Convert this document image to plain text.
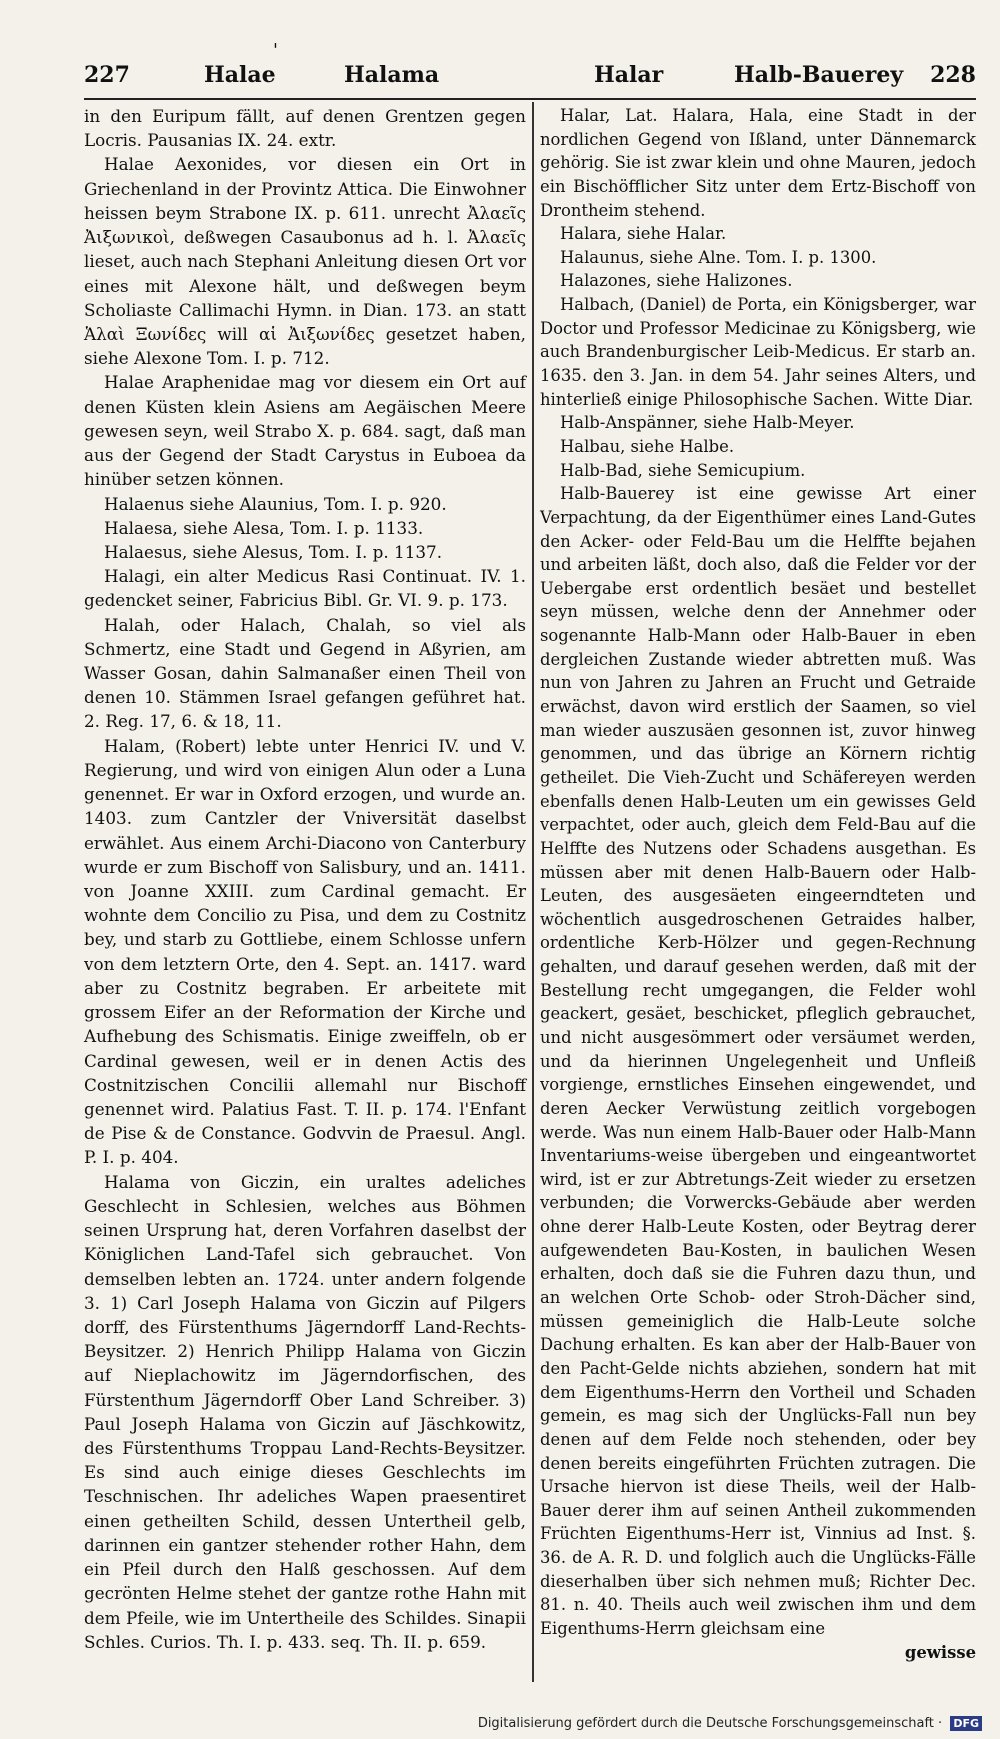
'
227	Halae	Halama	Halar	Halb-Bauerey 228

in den Euripum fällt, auf denen Grentzen gegen Locris. Pausanias IX. 24. extr.

Halae Aexonides, vor diesen ein Ort in Griechenland in der Provintz Attica. Die Einwohner heissen beym Strabone IX. p. 611. unrecht Ἀλαεῖς Ἀιξωνικοὶ, deßwegen Casaubonus ad h. l. Ἀλαεῖς lieset, auch nach Stephani Anleitung diesen Ort vor eines mit Alexone hält, und deßwegen beym Scholiaste Callimachi Hymn. in Dian. 173. an statt Ἁλαὶ Ξωνίδες will αἱ Ἀιξωνίδες gesetzet haben, siehe Alexone Tom. I. p. 712.

Halae Araphenidae mag vor diesem ein Ort auf denen Küsten klein Asiens am Aegäischen Meere gewesen seyn, weil Strabo X. p. 684. sagt, daß man aus der Gegend der Stadt Carystus in Euboea da hinüber setzen können.

Halaenus siehe Alaunius, Tom. I. p. 920.

Halaesa, siehe Alesa, Tom. I. p. 1133.

Halaesus, siehe Alesus, Tom. I. p. 1137.

Halagi, ein alter Medicus Rasi Continuat. IV. 1. gedencket seiner, Fabricius Bibl. Gr. VI. 9. p. 173.

Halah, oder Halach, Chalah, so viel als Schmertz, eine Stadt und Gegend in Aßyrien, am Wasser Gosan, dahin Salmanaßer einen Theil von denen 10. Stämmen Israel gefangen geführet hat. 2. Reg. 17, 6. & 18, 11.

Halam, (Robert) lebte unter Henrici IV. und V. Regierung, und wird von einigen Alun oder a Luna genennet. Er war in Oxford erzogen, und wurde an. 1403. zum Cantzler der Vniversität daselbst erwählet. Aus einem Archi-Diacono von Canterbury wurde er zum Bischoff von Salisbury, und an. 1411. von Joanne XXIII. zum Cardinal gemacht. Er wohnte dem Concilio zu Pisa, und dem zu Costnitz bey, und starb zu Gottliebe, einem Schlosse unfern von dem letztern Orte, den 4. Sept. an. 1417. ward aber zu Costnitz begraben. Er arbeitete mit grossem Eifer an der Reformation der Kirche und Aufhebung des Schismatis. Einige zweiffeln, ob er Cardinal gewesen, weil er in denen Actis des Costnitzischen Concilii allemahl nur Bischoff genennet wird. Palatius Fast. T. II. p. 174. l'Enfant de Pise & de Constance. Godvvin de Praesul. Angl. P. I. p. 404.

Halama von Giczin, ein uraltes adeliches Geschlecht in Schlesien, welches aus Böhmen seinen Ursprung hat, deren Vorfahren daselbst der Königlichen Land-Tafel sich gebrauchet. Von demselben lebten an. 1724. unter andern folgende 3. 1) Carl Joseph Halama von Giczin auf Pilgers dorff, des Fürstenthums Jägerndorff Land-Rechts-Beysitzer. 2) Henrich Philipp Halama von Giczin auf Nieplachowitz im Jägerndorfischen, des Fürstenthum Jägerndorff Ober Land Schreiber. 3) Paul Joseph Halama von Giczin auf Jäschkowitz, des Fürstenthums Troppau Land-Rechts-Beysitzer. Es sind auch einige dieses Geschlechts im Teschnischen. Ihr adeliches Wapen praesentiret einen getheilten Schild, dessen Untertheil gelb, darinnen ein gantzer stehender rother Hahn, dem ein Pfeil durch den Halß geschossen. Auf dem gecrönten Helme stehet der gantze rothe Hahn mit dem Pfeile, wie im Untertheile des Schildes. Sinapii Schles. Curios. Th. I. p. 433. seq. Th. II. p. 659.

Halar, Lat. Halara, Hala, eine Stadt in der nordlichen Gegend von Ißland, unter Dännemarck gehörig. Sie ist zwar klein und ohne Mauren, jedoch ein Bischöfflicher Sitz unter dem Ertz-Bischoff von Drontheim stehend.

Halara, siehe Halar.

Halaunus, siehe Alne. Tom. I. p. 1300.

Halazones, siehe Halizones.

Halbach, (Daniel) de Porta, ein Königsberger, war Doctor und Professor Medicinae zu Königsberg, wie auch Brandenburgischer Leib-Medicus. Er starb an. 1635. den 3. Jan. in dem 54. Jahr seines Alters, und hinterließ einige Philosophische Sachen. Witte Diar.

Halb-Anspänner, siehe Halb-Meyer.

Halbau, siehe Halbe.

Halb-Bad, siehe Semicupium.

Halb-Bauerey ist eine gewisse Art einer Verpachtung, da der Eigenthümer eines Land-Gutes den Acker- oder Feld-Bau um die Helffte bejahen und arbeiten läßt, doch also, daß die Felder vor der Uebergabe erst ordentlich besäet und bestellet seyn müssen, welche denn der Annehmer oder sogenannte Halb-Mann oder Halb-Bauer in eben dergleichen Zustande wieder abtretten muß. Was nun von Jahren zu Jahren an Frucht und Getraide erwächst, davon wird erstlich der Saamen, so viel man wieder auszusäen gesonnen ist, zuvor hinweg genommen, und das übrige an Körnern richtig getheilet. Die Vieh-Zucht und Schäfereyen werden ebenfalls denen Halb-Leuten um ein gewisses Geld verpachtet, oder auch, gleich dem Feld-Bau auf die Helffte des Nutzens oder Schadens ausgethan. Es müssen aber mit denen Halb-Bauern oder Halb-Leuten, des ausgesäeten eingeerndteten und wöchentlich ausgedroschenen Getraides halber, ordentliche Kerb-Hölzer und gegen-Rechnung gehalten, und darauf gesehen werden, daß mit der Bestellung recht umgegangen, die Felder wohl geackert, gesäet, beschicket, pfleglich gebrauchet, und nicht ausgesömmert oder versäumet werden, und da hierinnen Ungelegenheit und Unfleiß vorgienge, ernstliches Einsehen eingewendet, und deren Aecker Verwüstung zeitlich vorgebogen werde. Was nun einem Halb-Bauer oder Halb-Mann Inventariums-weise übergeben und eingeantwortet wird, ist er zur Abtretungs-Zeit wieder zu ersetzen verbunden; die Vorwercks-Gebäude aber werden ohne derer Halb-Leute Kosten, oder Beytrag derer aufgewendeten Bau-Kosten, in baulichen Wesen erhalten, doch daß sie die Fuhren dazu thun, und an welchen Orte Schob- oder Stroh-Dächer sind, müssen gemeiniglich die Halb-Leute solche Dachung erhalten. Es kan aber der Halb-Bauer von den Pacht-Gelde nichts abziehen, sondern hat mit dem Eigenthums-Herrn den Vortheil und Schaden gemein, es mag sich der Unglücks-Fall nun bey denen auf dem Felde noch stehenden, oder bey denen bereits eingeführten Früchten zutragen. Die Ursache hiervon ist diese Theils, weil der Halb-Bauer derer ihm auf seinen Antheil zukommenden Früchten Eigenthums-Herr ist, Vinnius ad Inst. §. 36. de A. R. D. und folglich auch die Unglücks-Fälle dieserhalben über sich nehmen muß; Richter Dec. 81. n. 40. Theils auch weil zwischen ihm und dem Eigenthums-Herrn gleichsam eine

gewisse

Digitalisierung gefördert durch die Deutsche Forschungsgemeinschaft · DFG
